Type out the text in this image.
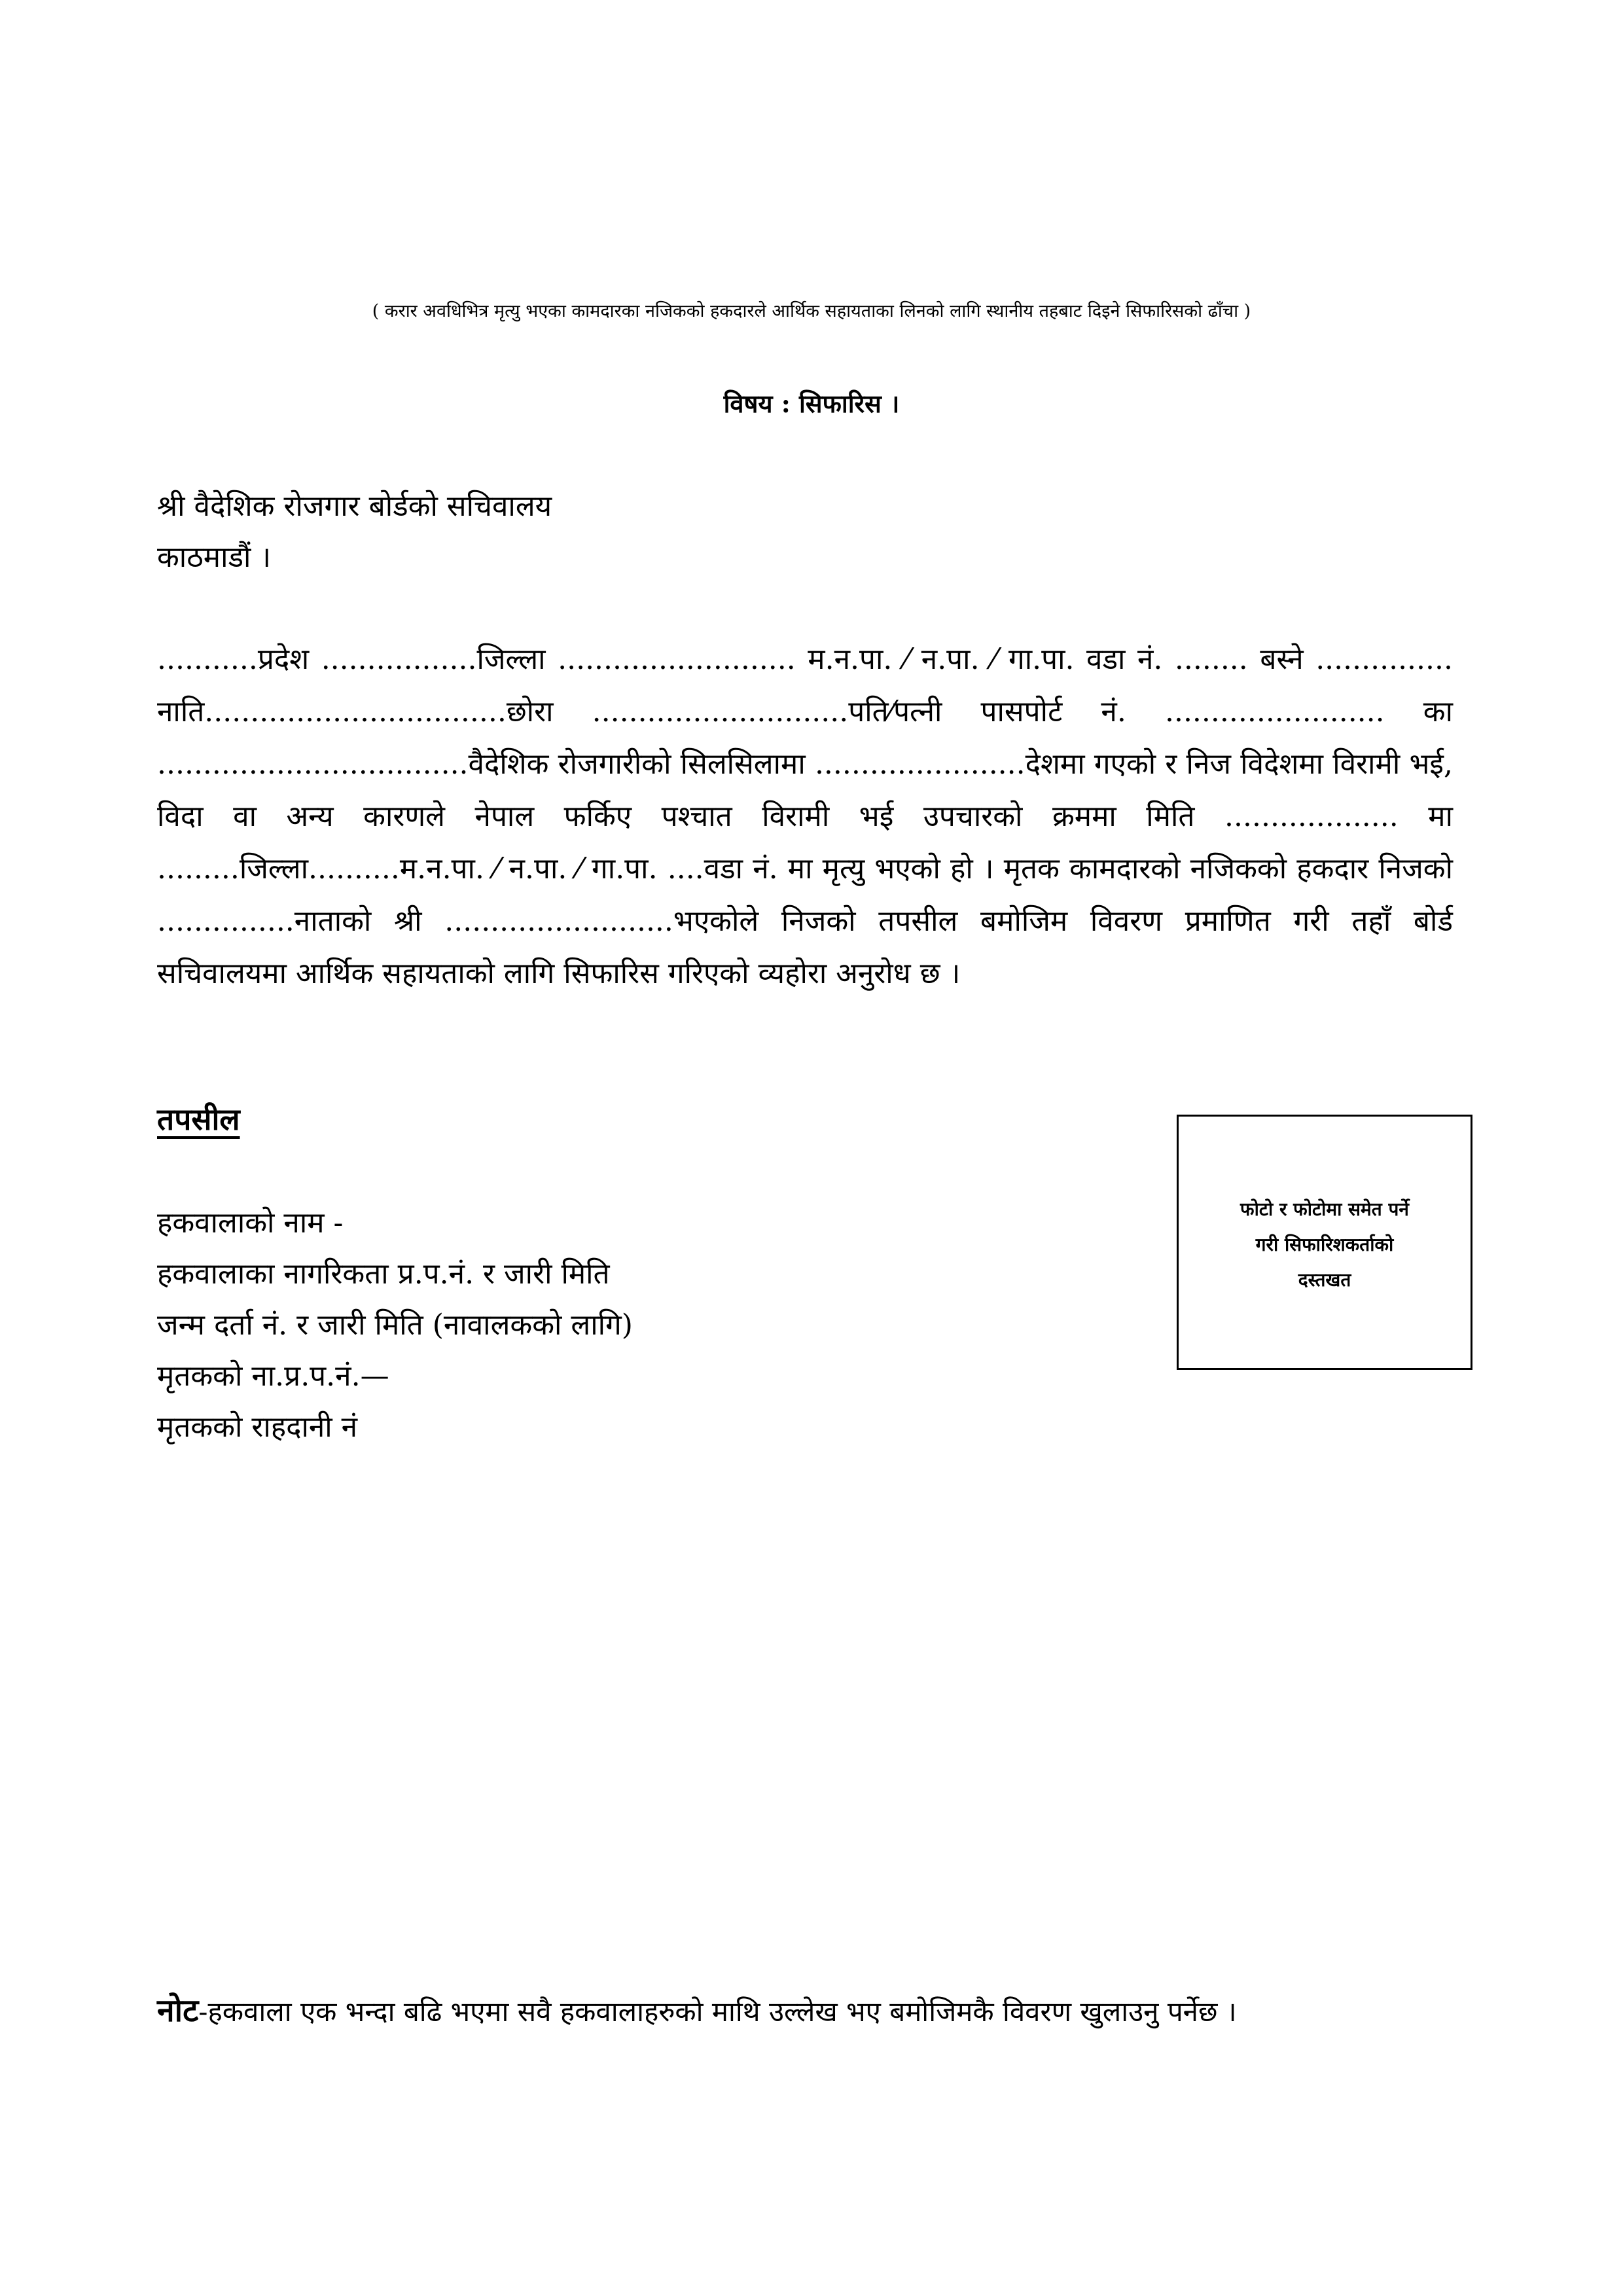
( करार अवधिभित्र मृत्यु भएका कामदारका नजिकको हकदारले आर्थिक सहायताका लिनको लागि स्थानीय तहबाट दिइने सिफारिसको ढाँचा )
विषय : सिफारिस ।
श्री वैदेशिक रोजगार बोर्डको सचिवालय
काठमाडौं ।
...........प्रदेश .................जिल्ला .......................... म.न.पा. ⁄ न.पा. ⁄ गा.पा. वडा नं. ........ बस्ने ............... नाति.................................छोरा ............................पति⁄पत्नी पासपोर्ट नं. ........................ का ..................................वैदेशिक रोजगारीको सिलसिलामा .......................देशमा गएको र निज विदेशमा विरामी भई, विदा वा अन्य कारणले नेपाल फर्किए पश्चात विरामी भई उपचारको क्रममा मिति ................... मा .........जिल्ला..........म.न.पा. ⁄ न.पा. ⁄ गा.पा. ....वडा नं. मा मृत्यु भएको हो । मृतक कामदारको नजिकको हकदार निजको ...............नाताको श्री .........................भएकोले निजको तपसील बमोजिम विवरण प्रमाणित गरी तहाँ बोर्ड सचिवालयमा आर्थिक सहायताको लागि सिफारिस गरिएको व्यहोरा अनुरोध छ ।
तपसील
हकवालाको नाम -
हकवालाका नागरिकता प्र.प.नं. र जारी मिति
जन्म दर्ता नं. र जारी मिति (नावालकको लागि)
मृतकको ना.प्र.प.नं.—
मृतकको राहदानी नं
फोटो र फोटोमा समेत पर्ने
गरी सिफारिशकर्ताको
दस्तखत
नोट-हकवाला एक भन्दा बढि भएमा सवै हकवालाहरुको माथि उल्लेख भए बमोजिमकै विवरण खुलाउनु पर्नेछ ।
